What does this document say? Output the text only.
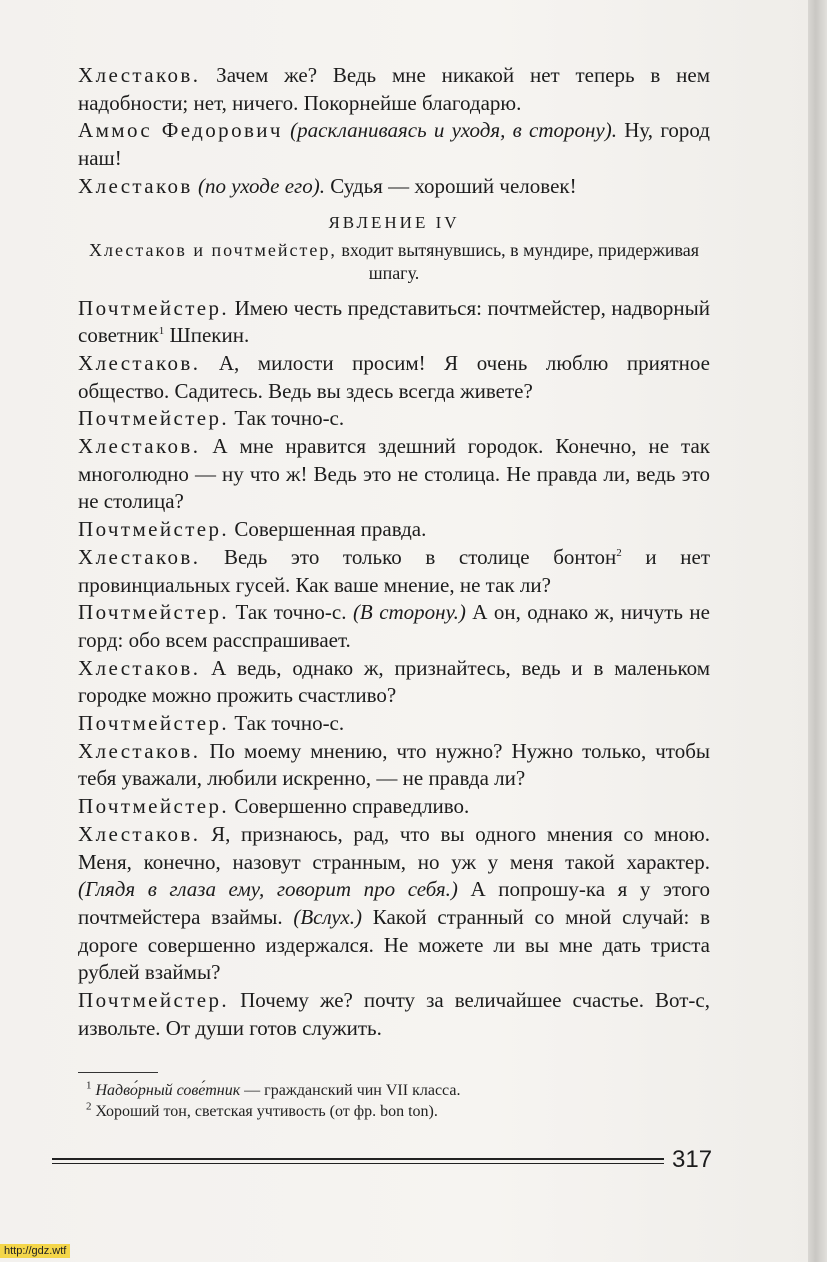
Хлестаков. Зачем же? Ведь мне никакой нет теперь в нем надобности; нет, ничего. Покорнейше благодарю.

Аммос Федорович (раскланиваясь и уходя, в сторону). Ну, город наш!

Хлестаков (по уходе его). Судья — хороший человек!

ЯВЛЕНИЕ IV
Хлестаков и почтмейстер, входит вытянувшись, в мундире, придерживая шпагу.

Почтмейстер. Имею честь представиться: почтмейстер, надворный советник$^1$ Шпекин.

Хлестаков. А, милости просим! Я очень люблю приятное общество. Садитесь. Ведь вы здесь всегда живете?

Почтмейстер. Так точно-с.

Хлестаков. А мне нравится здешний городок. Конечно, не так многолюдно — ну что ж! Ведь это не столица. Не правда ли, ведь это не столица?

Почтмейстер. Совершенная правда.

Хлестаков. Ведь это только в столице бонтон$^2$ и нет провинциальных гусей. Как ваше мнение, не так ли?

Почтмейстер. Так точно-с. (В сторону.) А он, однако ж, ничуть не горд: обо всем расспрашивает.

Хлестаков. А ведь, однако ж, признайтесь, ведь и в маленьком городке можно прожить счастливо?

Почтмейстер. Так точно-с.

Хлестаков. По моему мнению, что нужно? Нужно только, чтобы тебя уважали, любили искренно, — не правда ли?

Почтмейстер. Совершенно справедливо.

Хлестаков. Я, признаюсь, рад, что вы одного мнения со мною. Меня, конечно, назовут странным, но уж у меня такой характер. (Глядя в глаза ему, говорит про себя.) А попрошу-ка я у этого почтмейстера взаймы. (Вслух.) Какой странный со мной случай: в дороге совершенно издержался. Не можете ли вы мне дать триста рублей взаймы?

Почтмейстер. Почему же? почту за величайшее счастье. Вот-с, извольте. От души готов служить.

$^1$ Надво́рный сове́тник — гражданский чин VII класса.
$^2$ Хороший тон, светская учтивость (от фр. bon ton).
317
http://gdz.wtf
